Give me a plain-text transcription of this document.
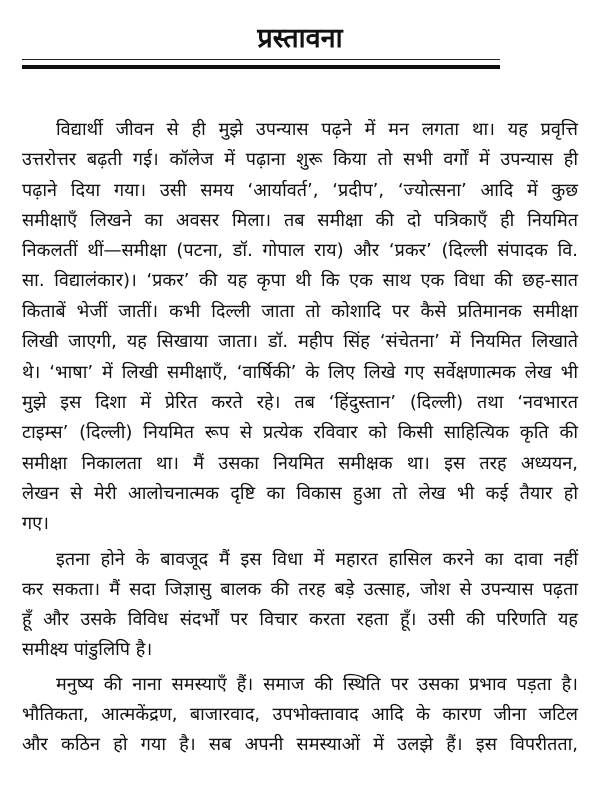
प्रस्तावना
विद्यार्थी जीवन से ही मुझे उपन्यास पढ़ने में मन लगता था। यह प्रवृत्ति
उत्तरोत्तर बढ़ती गई। कॉलेज में पढ़ाना शुरू किया तो सभी वर्गों में उपन्यास ही
पढ़ाने दिया गया। उसी समय ‘आर्यावर्त’, ‘प्रदीप’, ‘ज्योत्सना’ आदि में कुछ
समीक्षाएँ लिखने का अवसर मिला। तब समीक्षा की दो पत्रिकाएँ ही नियमित
निकलतीं थीं—समीक्षा (पटना, डॉ. गोपाल राय) और ‘प्रकर’ (दिल्ली संपादक वि.
सा. विद्यालंकार)। ‘प्रकर’ की यह कृपा थी कि एक साथ एक विधा की छह-सात
किताबें भेजीं जातीं। कभी दिल्ली जाता तो कोशादि पर कैसे प्रतिमानक समीक्षा
लिखी जाएगी, यह सिखाया जाता। डॉ. महीप सिंह ‘संचेतना’ में नियमित लिखाते
थे। ‘भाषा’ में लिखी समीक्षाएँ, ‘वार्षिकी’ के लिए लिखे गए सर्वेक्षणात्मक लेख भी
मुझे इस दिशा में प्रेरित करते रहे। तब ‘हिंदुस्तान’ (दिल्ली) तथा ‘नवभारत
टाइम्स’ (दिल्ली) नियमित रूप से प्रत्येक रविवार को किसी साहित्यिक कृति की
समीक्षा निकालता था। मैं उसका नियमित समीक्षक था। इस तरह अध्ययन,
लेखन से मेरी आलोचनात्मक दृष्टि का विकास हुआ तो लेख भी कई तैयार हो
गए।
इतना होने के बावजूद मैं इस विधा में महारत हासिल करने का दावा नहीं
कर सकता। मैं सदा जिज्ञासु बालक की तरह बड़े उत्साह, जोश से उपन्यास पढ़ता
हूँ और उसके विविध संदर्भों पर विचार करता रहता हूँ। उसी की परिणति यह
समीक्ष्य पांडुलिपि है।
मनुष्य की नाना समस्याएँ हैं। समाज की स्थिति पर उसका प्रभाव पड़ता है।
भौतिकता, आत्मकेंद्रण, बाजारवाद, उपभोक्तावाद आदि के कारण जीना जटिल
और कठिन हो गया है। सब अपनी समस्याओं में उलझे हैं। इस विपरीतता,
